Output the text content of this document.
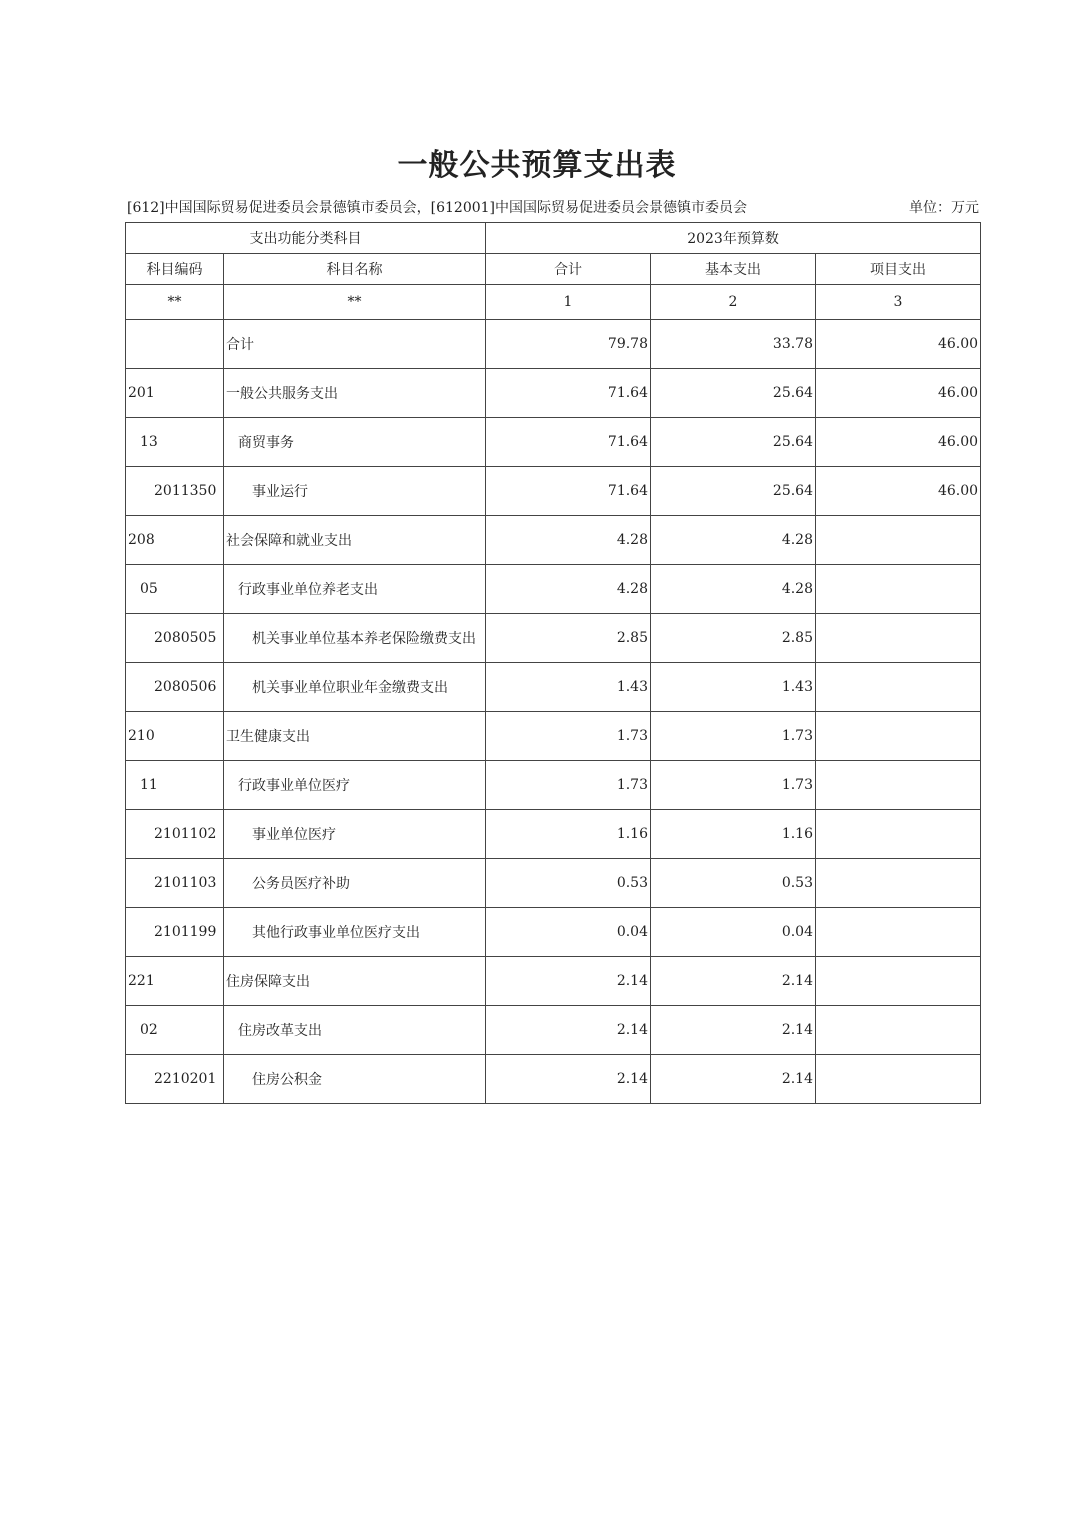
一般公共预算支出表
[612]中国国际贸易促进委员会景德镇市委员会，[612001]中国国际贸易促进委员会景德镇市委员会	单位：万元
支出功能分类科目		2023年预算数		
科目编码	科目名称	合计	基本支出	项目支出
**	**	1	2	3
	合计	79.78	33.78	46.00
201	一般公共服务支出	71.64	25.64	46.00
13	商贸事务	71.64	25.64	46.00
2011350	事业运行	71.64	25.64	46.00
208	社会保障和就业支出	4.28	4.28	
05	行政事业单位养老支出	4.28	4.28	
2080505	机关事业单位基本养老保险缴费支出	2.85	2.85	
2080506	机关事业单位职业年金缴费支出	1.43	1.43	
210	卫生健康支出	1.73	1.73	
11	行政事业单位医疗	1.73	1.73	
2101102	事业单位医疗	1.16	1.16	
2101103	公务员医疗补助	0.53	0.53	
2101199	其他行政事业单位医疗支出	0.04	0.04	
221	住房保障支出	2.14	2.14	
02	住房改革支出	2.14	2.14	
2210201	住房公积金	2.14	2.14	
